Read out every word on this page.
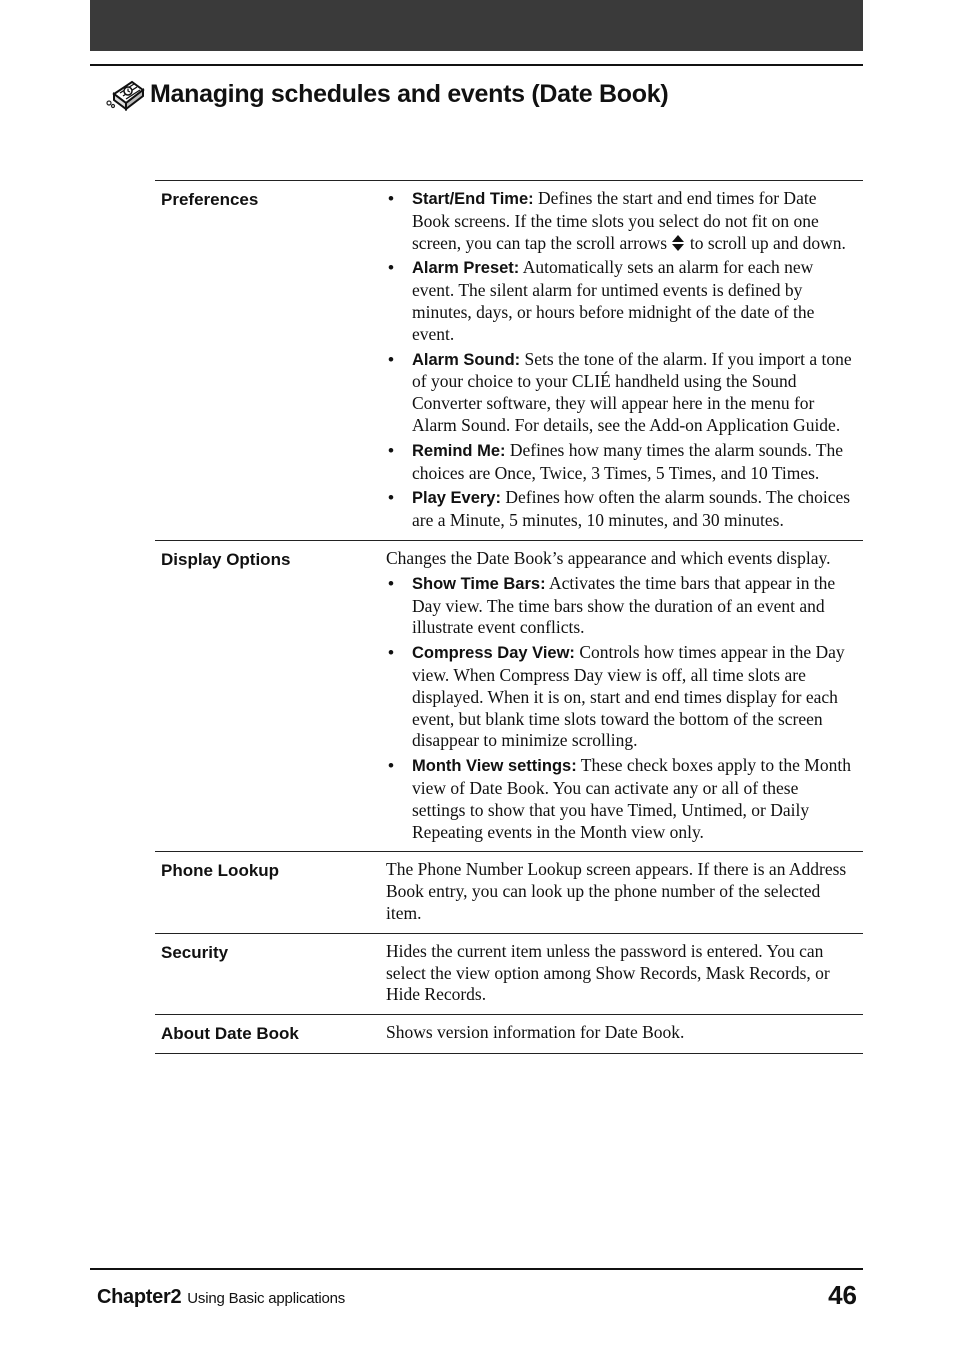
Managing schedules and events (Date Book)
Preferences
•	Start/End Time: Defines the start and end times for Date Book screens. If the time slots you select do not fit on one screen, you can tap the scroll arrows  to scroll up and down.
• Alarm Preset: Automatically sets an alarm for each new event. The silent alarm for untimed events is defined by minutes, days, or hours before midnight of the date of the event.
• Alarm Sound: Sets the tone of the alarm. If you import a tone of your choice to your CLIÉ handheld using the Sound Converter software, they will appear here in the menu for Alarm Sound. For details, see the Add-on Application Guide.
• Remind Me: Defines how many times the alarm sounds. The choices are Once, Twice, 3 Times, 5 Times, and 10 Times.
• Play Every: Defines how often the alarm sounds. The choices are a Minute, 5 minutes, 10 minutes, and 30 minutes.
Display Options	Changes the Date Book’s appearance and which events display.

• Show Time Bars: Activates the time bars that appear in the Day view. The time bars show the duration of an event and illustrate event conflicts.
• Compress Day View: Controls how times appear in the Day view. When Compress Day view is off, all time slots are displayed. When it is on, start and end times display for each event, but blank time slots toward the bottom of the screen disappear to minimize scrolling.
• Month View settings: These check boxes apply to the Month view of Date Book. You can activate any or all of these settings to show that you have Timed, Untimed, or Daily Repeating events in the Month view only.
Phone Lookup	The Phone Number Lookup screen appears. If there is an Address Book entry, you can look up the phone number of the selected item.
Security	Hides the current item unless the password is entered. You can select the view option among Show Records, Mask Records, or Hide Records.
About Date Book	Shows version information for Date Book.
Chapter2 Using Basic applications	46
